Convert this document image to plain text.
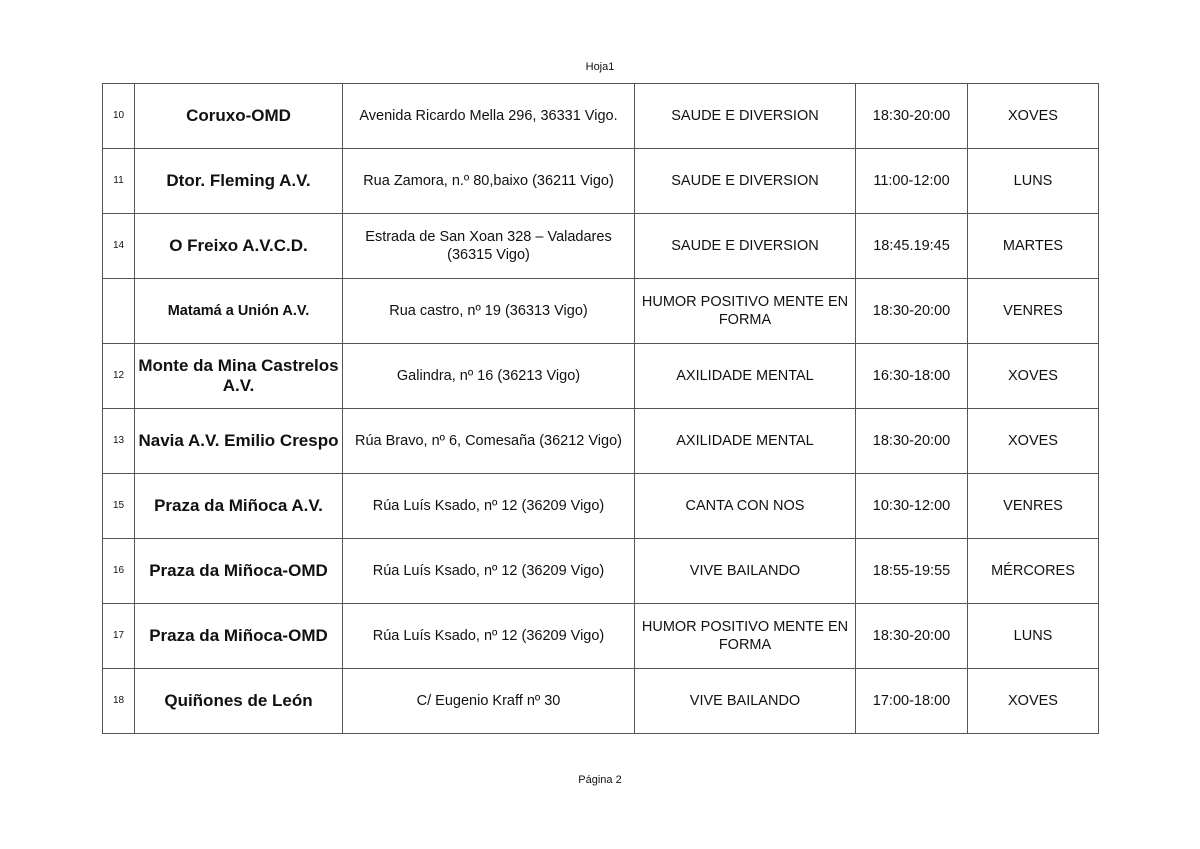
Hoja1
10	Coruxo-OMD	Avenida Ricardo Mella 296, 36331 Vigo.	SAUDE E DIVERSION	18:30-20:00	XOVES
11	Dtor. Fleming A.V.	Rua Zamora, n.º 80,baixo (36211 Vigo)	SAUDE E DIVERSION	11:00-12:00	LUNS
14	O Freixo A.V.C.D.	Estrada de San Xoan 328 – Valadares (36315 Vigo)	SAUDE E DIVERSION	18:45.19:45	MARTES
	Matamá a Unión A.V.	Rua castro, nº 19 (36313 Vigo)	HUMOR POSITIVO MENTE EN FORMA	18:30-20:00	VENRES
12	Monte da Mina Castrelos A.V.	Galindra, nº 16 (36213 Vigo)	AXILIDADE MENTAL	16:30-18:00	XOVES
13	Navia A.V. Emilio Crespo	Rúa Bravo, nº 6, Comesaña (36212 Vigo)	AXILIDADE MENTAL	18:30-20:00	XOVES
15	Praza da Miñoca A.V.	Rúa Luís Ksado, nº 12 (36209 Vigo)	CANTA CON NOS	10:30-12:00	VENRES
16	Praza da Miñoca-OMD	Rúa Luís Ksado, nº 12 (36209 Vigo)	VIVE BAILANDO	18:55-19:55	MÉRCORES
17	Praza da Miñoca-OMD	Rúa Luís Ksado, nº 12 (36209 Vigo)	HUMOR POSITIVO MENTE EN FORMA	18:30-20:00	LUNS
18	Quiñones de León	C/ Eugenio Kraff nº 30	VIVE BAILANDO	17:00-18:00	XOVES
Página 2
